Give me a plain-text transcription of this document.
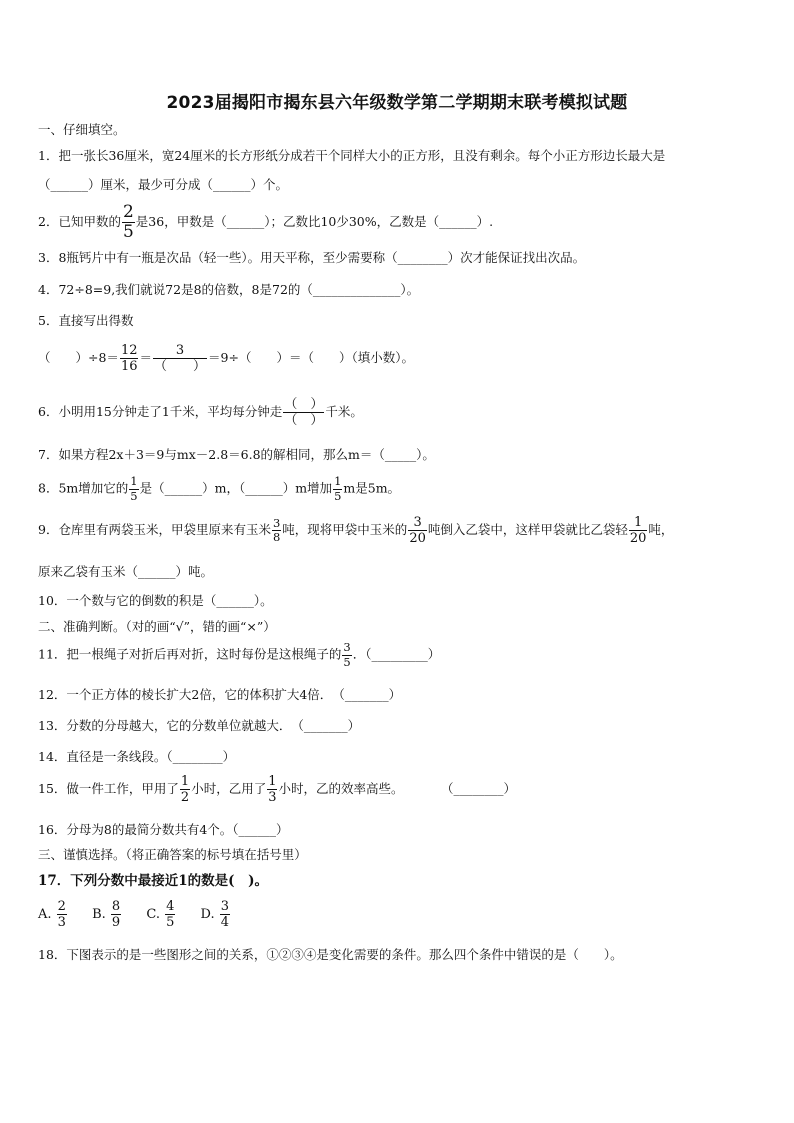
2023届揭阳市揭东县六年级数学第二学期期末联考模拟试题
一、仔细填空。
1．把一张长36厘米，宽24厘米的长方形纸分成若干个同样大小的正方形，且没有剩余。每个小正方形边长最大是
（______）厘米，最少可分成（______）个。
2．已知甲数的 $\frac{2}{5}$ 是36，甲数是（______）；乙数比10少30%，乙数是（______）.
3．8瓶钙片中有一瓶是次品（轻一些）。用天平称，至少需要称（________）次才能保证找出次品。
4．72÷8=9,我们就说72是8的倍数，8是72的（______________）。
5．直接写出得数
（　　）$\div 8= \frac{12}{16} = \frac{3}{( )} =9\div$（　　）＝（　　）（填小数）。
6．小明用15分钟走了1千米，平均每分钟走 $\frac{( )}{( )}$ 千米。
7．如果方程2x＋3＝9与mx－2.8＝6.8的解相同，那么m＝（_____）。
8．5m增加它的 $\frac{1}{5}$ 是（______）m，（______）m增加 $\frac{1}{5}$ m是5m。
9．仓库里有两袋玉米，甲袋里原来有玉米 $\frac{3}{8}$ 吨，现将甲袋中玉米的 $\frac{3}{20}$ 吨倒入乙袋中，这样甲袋就比乙袋轻 $\frac{1}{20}$ 吨，
原来乙袋有玉米（______）吨。
10．一个数与它的倒数的积是（______）。
二、准确判断。（对的画“√”，错的画“×”）
11．把一根绳子对折后再对折，这时每份是这根绳子的 $\frac{3}{5}$ ．（_________）
12．一个正方体的棱长扩大2倍，它的体积扩大4倍．　（_______）
13．分数的分母越大，它的分数单位就越大．　（_______）
14．直径是一条线段。（________）
15．做一件工作，甲用了 $\frac{1}{2}$ 小时，乙用了 $\frac{1}{3}$ 小时，乙的效率高些。　　　　（________）
16．分母为8的最简分数共有4个。（______）
三、谨慎选择。（将正确答案的标号填在括号里）
17．下列分数中最接近1的数是(　)。
A. $\frac{2}{3} B$. $\frac{8}{9} C$. $\frac{4}{5} D$. $\frac{3}{4}$
18．下图表示的是一些图形之间的关系，①②③④是变化需要的条件。那么四个条件中错误的是（　　）。
